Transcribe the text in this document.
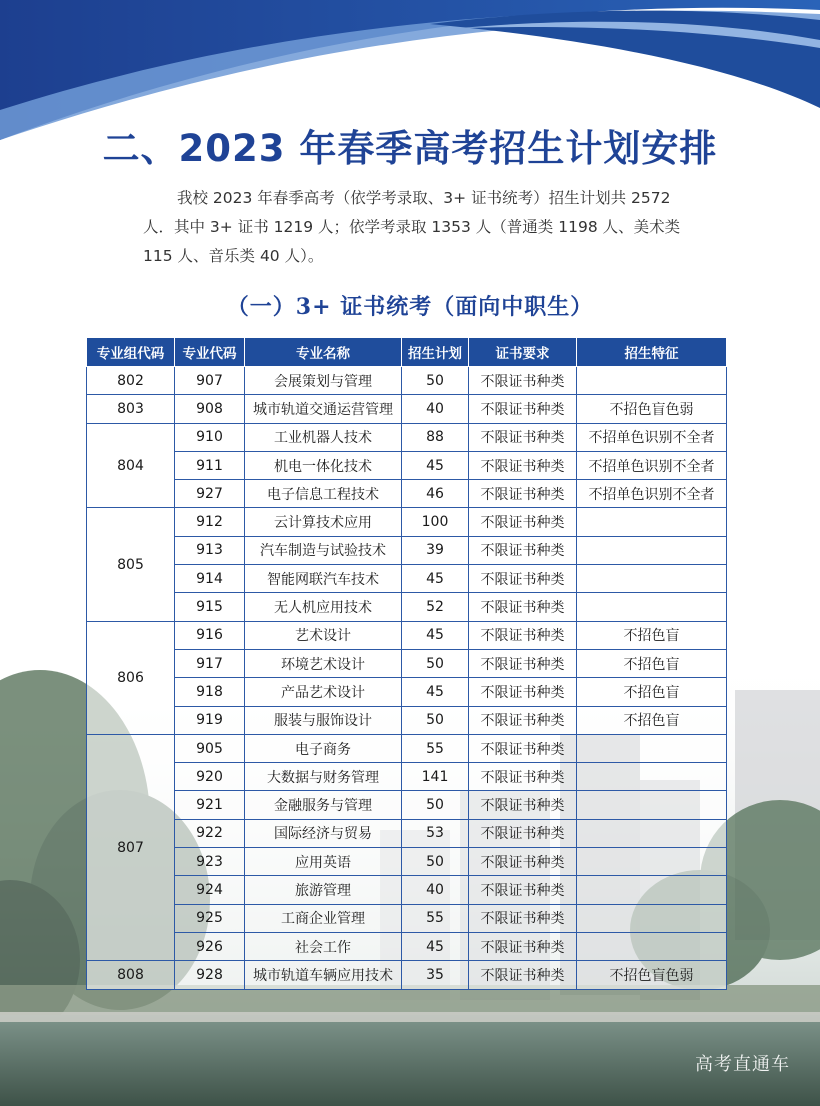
二、2023 年春季高考招生计划安排

我校 2023 年春季高考（依学考录取、3+ 证书统考）招生计划共 2572 人．其中 3+ 证书 1219 人；依学考录取 1353 人（普通类 1198 人、美术类 115 人、音乐类 40 人）。

（一）3+ 证书统考（面向中职生）
专业组代码	专业代码	专业名称	招生计划	证书要求	招生特征
802	907	会展策划与管理	50	不限证书种类	
803	908	城市轨道交通运营管理	40	不限证书种类	不招色盲色弱
804	910	工业机器人技术	88	不限证书种类	不招单色识别不全者
	911	机电一体化技术	45	不限证书种类	不招单色识别不全者
	927	电子信息工程技术	46	不限证书种类	不招单色识别不全者
805	912	云计算技术应用	100	不限证书种类	
	913	汽车制造与试验技术	39	不限证书种类	
	914	智能网联汽车技术	45	不限证书种类	
	915	无人机应用技术	52	不限证书种类	
806	916	艺术设计	45	不限证书种类	不招色盲
	917	环境艺术设计	50	不限证书种类	不招色盲
	918	产品艺术设计	45	不限证书种类	不招色盲
	919	服装与服饰设计	50	不限证书种类	不招色盲
807	905	电子商务	55	不限证书种类	
	920	大数据与财务管理	141	不限证书种类	
	921	金融服务与管理	50	不限证书种类	
	922	国际经济与贸易	53	不限证书种类	
	923	应用英语	50	不限证书种类	
	924	旅游管理	40	不限证书种类	
	925	工商企业管理	55	不限证书种类	
	926	社会工作	45	不限证书种类	
808	928	城市轨道车辆应用技术	35	不限证书种类	不招色盲色弱
高考直通车
